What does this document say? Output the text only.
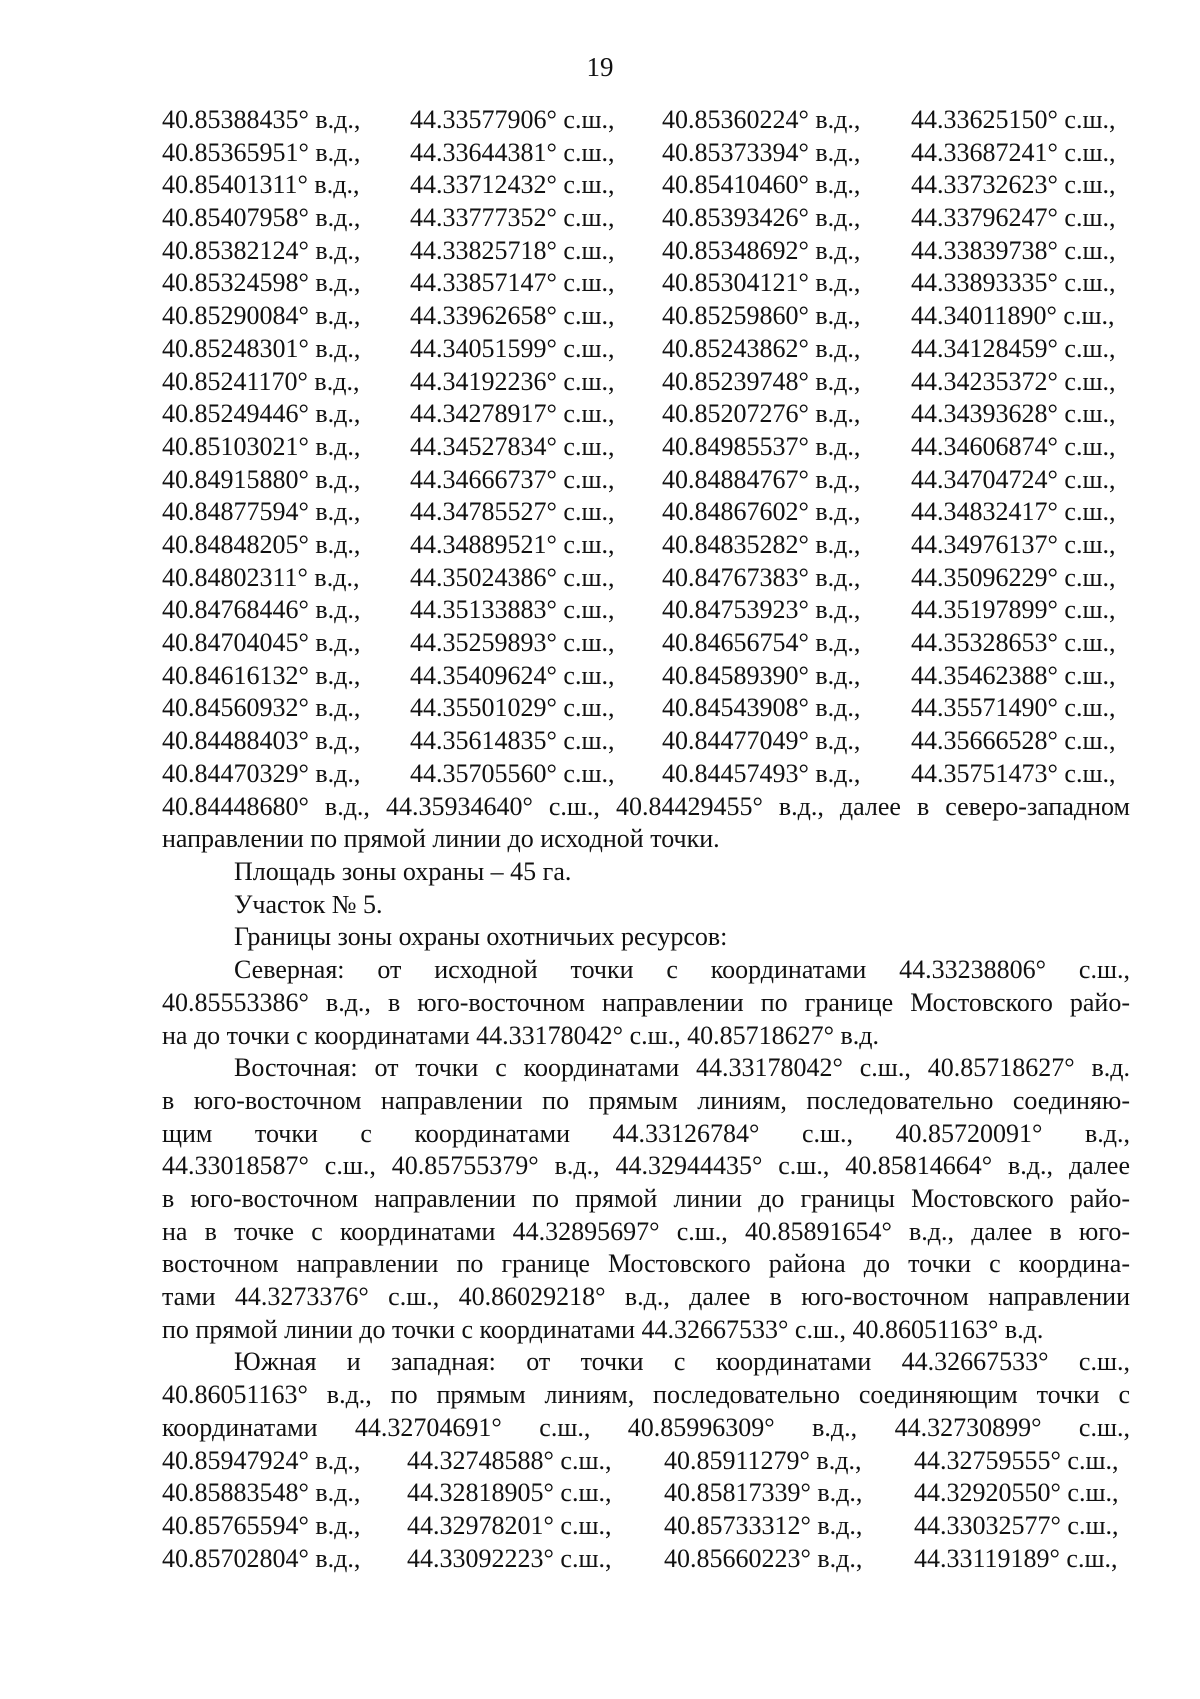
19
40.85388435° в.д., 44.33577906° с.ш., 40.85360224° в.д., 44.33625150° с.ш.,
40.85365951° в.д., 44.33644381° с.ш., 40.85373394° в.д., 44.33687241° с.ш.,
40.85401311° в.д., 44.33712432° с.ш., 40.85410460° в.д., 44.33732623° с.ш.,
40.85407958° в.д., 44.33777352° с.ш., 40.85393426° в.д., 44.33796247° с.ш.,
40.85382124° в.д., 44.33825718° с.ш., 40.85348692° в.д., 44.33839738° с.ш.,
40.85324598° в.д., 44.33857147° с.ш., 40.85304121° в.д., 44.33893335° с.ш.,
40.85290084° в.д., 44.33962658° с.ш., 40.85259860° в.д., 44.34011890° с.ш.,
40.85248301° в.д., 44.34051599° с.ш., 40.85243862° в.д., 44.34128459° с.ш.,
40.85241170° в.д., 44.34192236° с.ш., 40.85239748° в.д., 44.34235372° с.ш.,
40.85249446° в.д., 44.34278917° с.ш., 40.85207276° в.д., 44.34393628° с.ш.,
40.85103021° в.д., 44.34527834° с.ш., 40.84985537° в.д., 44.34606874° с.ш.,
40.84915880° в.д., 44.34666737° с.ш., 40.84884767° в.д., 44.34704724° с.ш.,
40.84877594° в.д., 44.34785527° с.ш., 40.84867602° в.д., 44.34832417° с.ш.,
40.84848205° в.д., 44.34889521° с.ш., 40.84835282° в.д., 44.34976137° с.ш.,
40.84802311° в.д., 44.35024386° с.ш., 40.84767383° в.д., 44.35096229° с.ш.,
40.84768446° в.д., 44.35133883° с.ш., 40.84753923° в.д., 44.35197899° с.ш.,
40.84704045° в.д., 44.35259893° с.ш., 40.84656754° в.д., 44.35328653° с.ш.,
40.84616132° в.д., 44.35409624° с.ш., 40.84589390° в.д., 44.35462388° с.ш.,
40.84560932° в.д., 44.35501029° с.ш., 40.84543908° в.д., 44.35571490° с.ш.,
40.84488403° в.д., 44.35614835° с.ш., 40.84477049° в.д., 44.35666528° с.ш.,
40.84470329° в.д., 44.35705560° с.ш., 40.84457493° в.д., 44.35751473° с.ш.,
40.84448680° в.д., 44.35934640° с.ш., 40.84429455° в.д., далее в северо-западном
направлении по прямой линии до исходной точки.
Площадь зоны охраны – 45 га.
Участок № 5.
Границы зоны охраны охотничьих ресурсов:
Северная: от исходной точки с координатами 44.33238806° с.ш.,
40.85553386° в.д., в юго-восточном направлении по границе Мостовского райо-
на до точки с координатами 44.33178042° с.ш., 40.85718627° в.д.
Восточная: от точки с координатами 44.33178042° с.ш., 40.85718627° в.д.
в юго-восточном направлении по прямым линиям, последовательно соединяю-
щим точки с координатами 44.33126784° с.ш., 40.85720091° в.д.,
44.33018587° с.ш., 40.85755379° в.д., 44.32944435° с.ш., 40.85814664° в.д., далее
в юго-восточном направлении по прямой линии до границы Мостовского райо-
на в точке с координатами 44.32895697° с.ш., 40.85891654° в.д., далее в юго-
восточном направлении по границе Мостовского района до точки с координа-
тами 44.3273376° с.ш., 40.86029218° в.д., далее в юго-восточном направлении
по прямой линии до точки с координатами 44.32667533° с.ш., 40.86051163° в.д.
Южная и западная: от точки с координатами 44.32667533° с.ш.,
40.86051163° в.д., по прямым линиям, последовательно соединяющим точки с
координатами 44.32704691° с.ш., 40.85996309° в.д., 44.32730899° с.ш.,
40.85947924° в.д., 44.32748588° с.ш., 40.85911279° в.д., 44.32759555° с.ш.,
40.85883548° в.д., 44.32818905° с.ш., 40.85817339° в.д., 44.32920550° с.ш.,
40.85765594° в.д., 44.32978201° с.ш., 40.85733312° в.д., 44.33032577° с.ш.,
40.85702804° в.д., 44.33092223° с.ш., 40.85660223° в.д., 44.33119189° с.ш.,
